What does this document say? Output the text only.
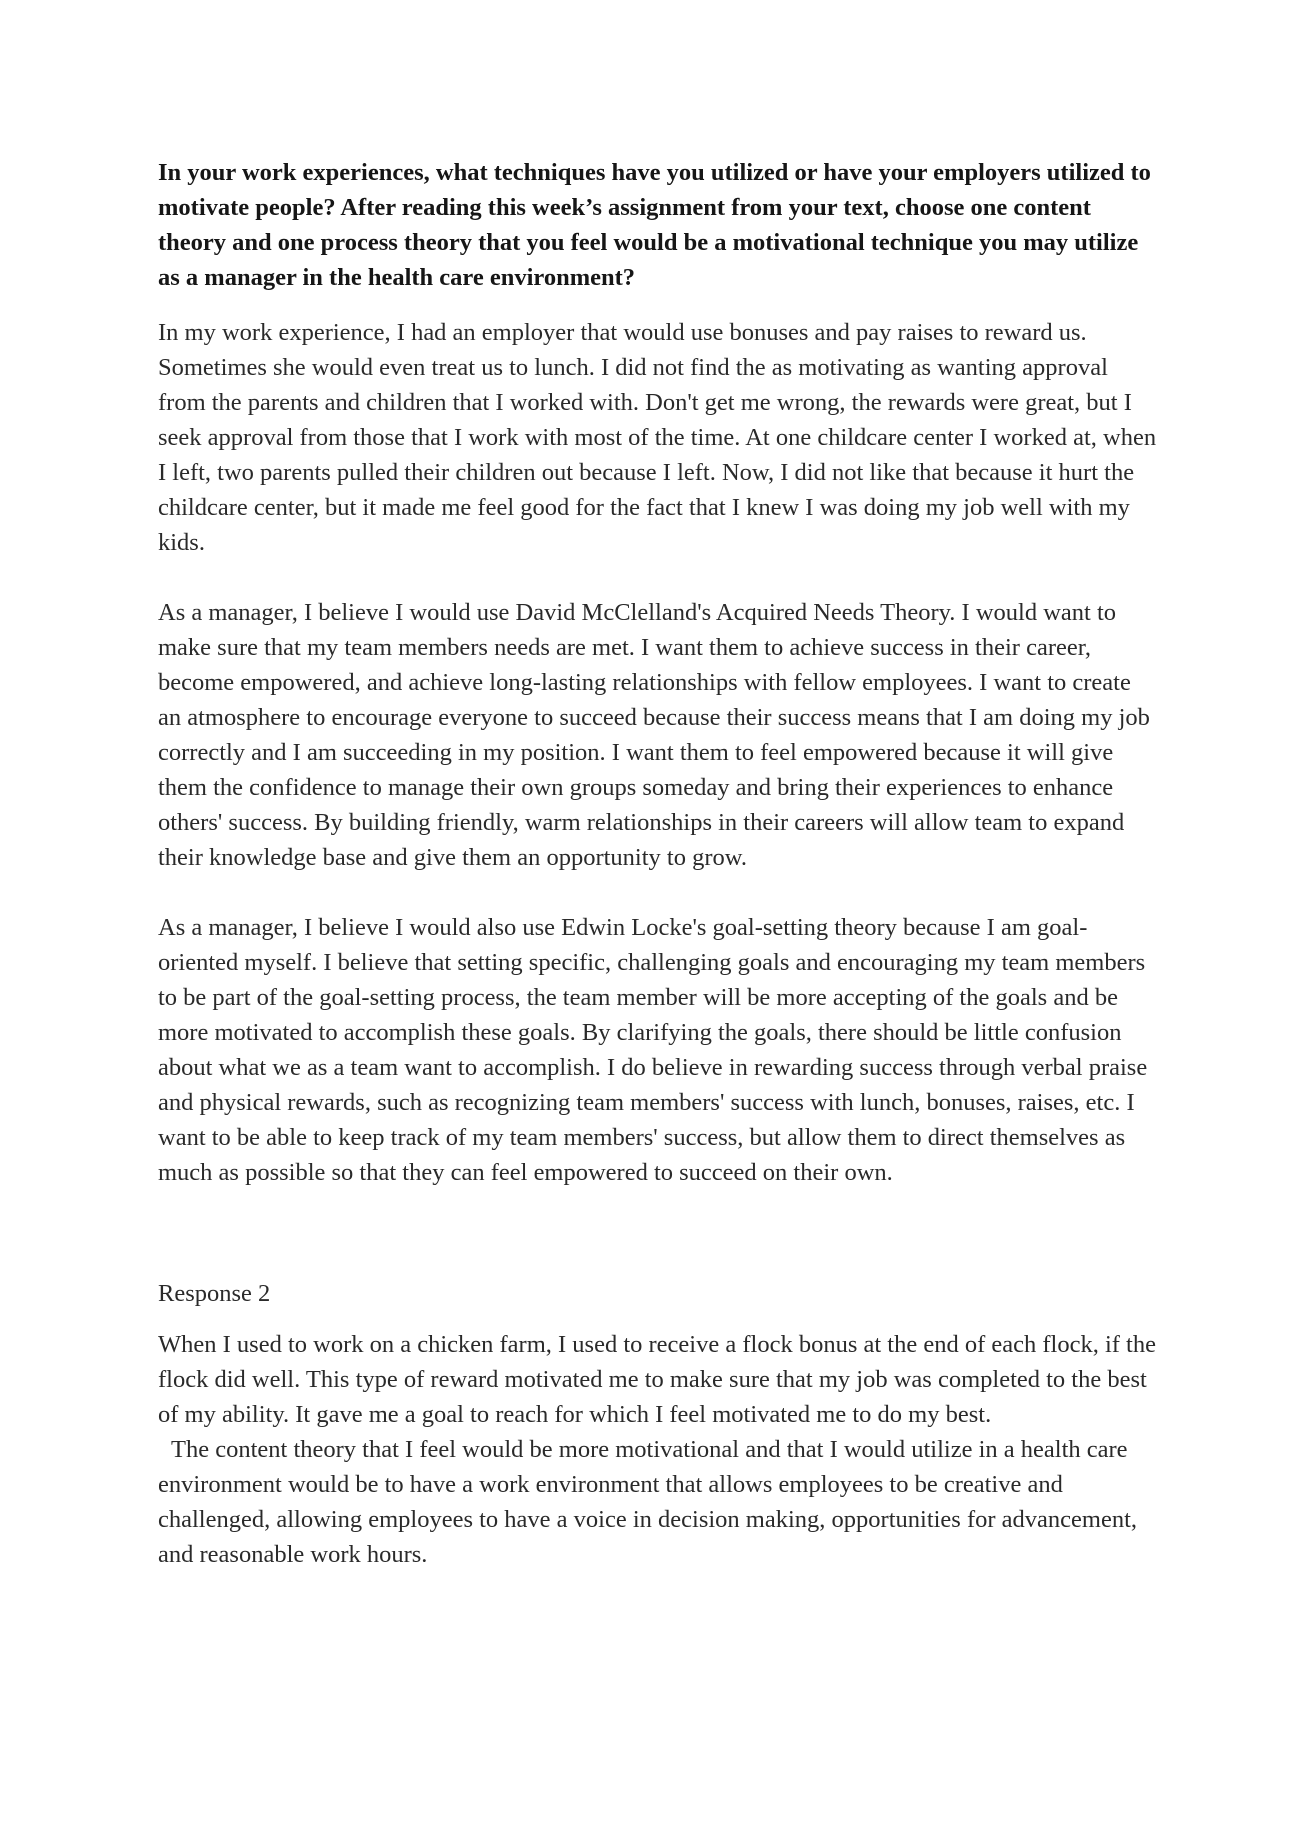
In your work experiences, what techniques have you utilized or have your employers utilized to motivate people? After reading this week’s assignment from your text, choose one content theory and one process theory that you feel would be a motivational technique you may utilize as a manager in the health care environment?

In my work experience, I had an employer that would use bonuses and pay raises to reward us. Sometimes she would even treat us to lunch. I did not find the as motivating as wanting approval from the parents and children that I worked with. Don't get me wrong, the rewards were great, but I seek approval from those that I work with most of the time. At one childcare center I worked at, when I left, two parents pulled their children out because I left. Now, I did not like that because it hurt the childcare center, but it made me feel good for the fact that I knew I was doing my job well with my kids.

As a manager, I believe I would use David McClelland's Acquired Needs Theory. I would want to make sure that my team members needs are met. I want them to achieve success in their career, become empowered, and achieve long-lasting relationships with fellow employees. I want to create an atmosphere to encourage everyone to succeed because their success means that I am doing my job correctly and I am succeeding in my position. I want them to feel empowered because it will give them the confidence to manage their own groups someday and bring their experiences to enhance others' success. By building friendly, warm relationships in their careers will allow team to expand their knowledge base and give them an opportunity to grow.

As a manager, I believe I would also use Edwin Locke's goal-setting theory because I am goal-oriented myself. I believe that setting specific, challenging goals and encouraging my team members to be part of the goal-setting process, the team member will be more accepting of the goals and be more motivated to accomplish these goals. By clarifying the goals, there should be little confusion about what we as a team want to accomplish. I do believe in rewarding success through verbal praise and physical rewards, such as recognizing team members' success with lunch, bonuses, raises, etc. I want to be able to keep track of my team members' success, but allow them to direct themselves as much as possible so that they can feel empowered to succeed on their own.

Response 2

When I used to work on a chicken farm, I used to receive a flock bonus at the end of each flock, if the flock did well. This type of reward motivated me to make sure that my job was completed to the best of my ability. It gave me a goal to reach for which I feel motivated me to do my best.

The content theory that I feel would be more motivational and that I would utilize in a health care environment would be to have a work environment that allows employees to be creative and challenged, allowing employees to have a voice in decision making, opportunities for advancement, and reasonable work hours.
